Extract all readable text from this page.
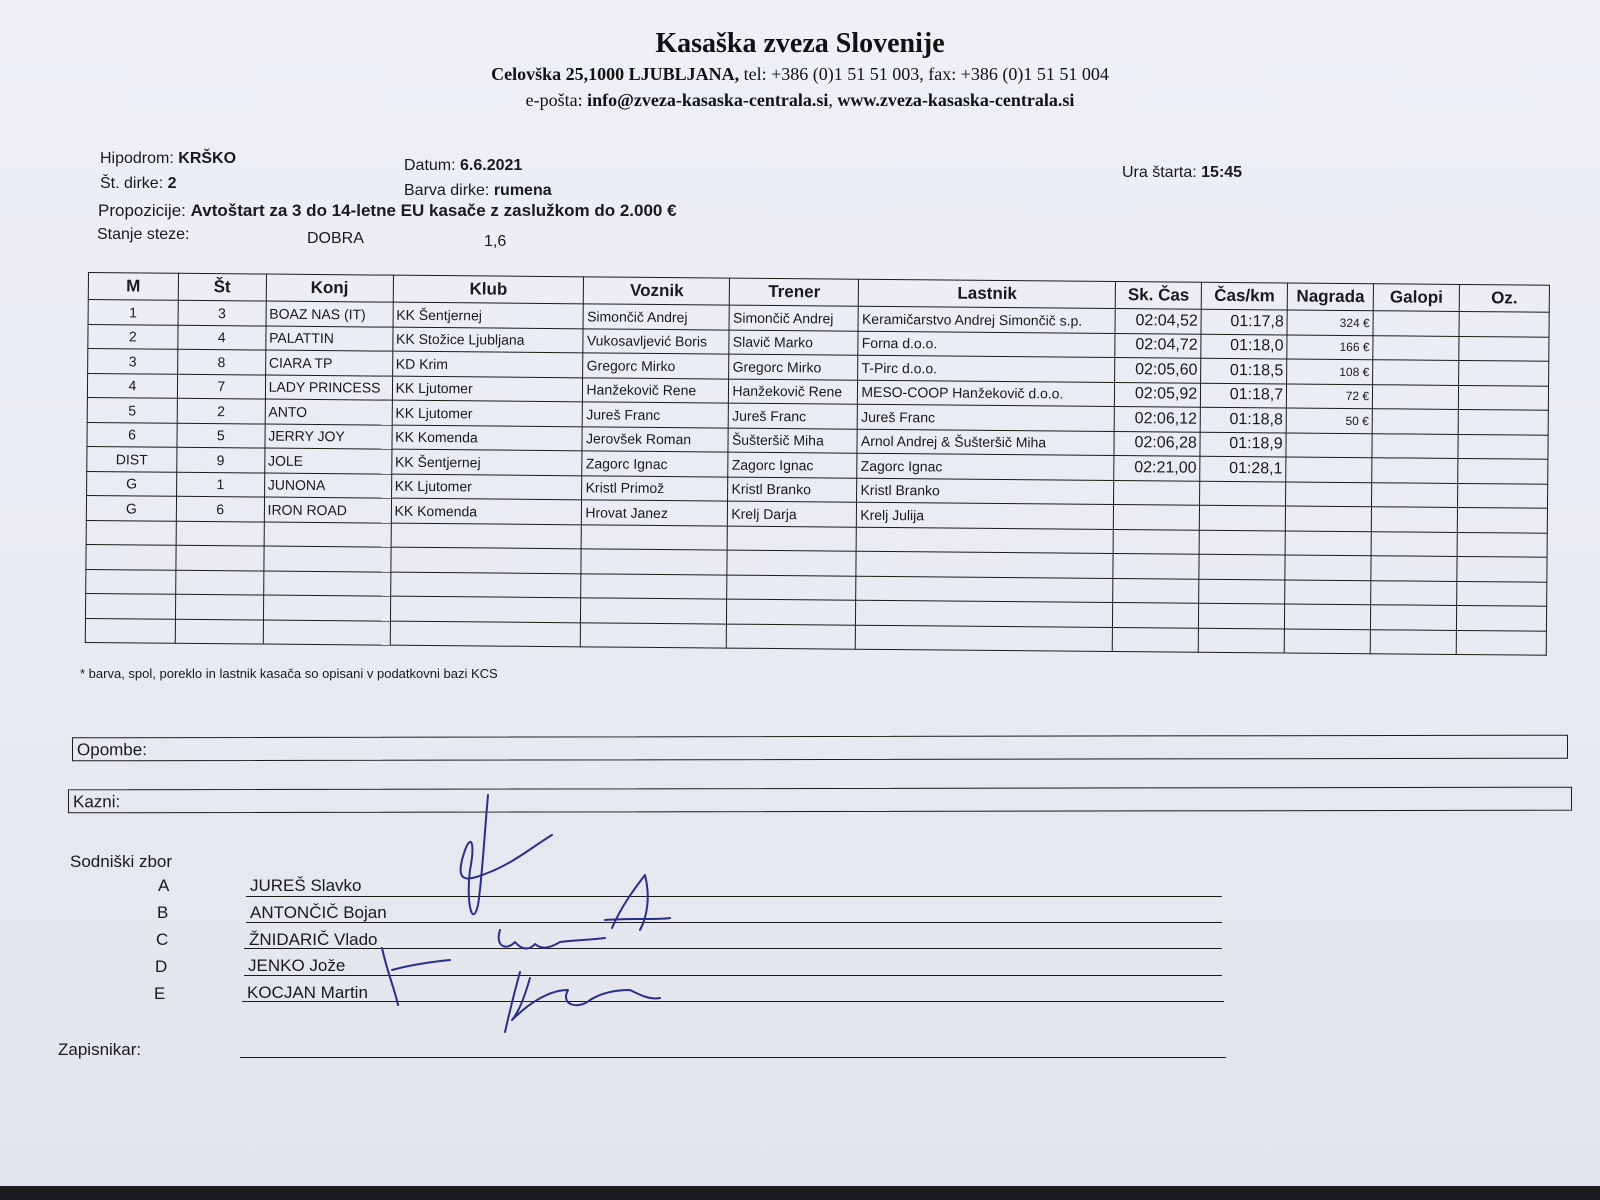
Kasaška zveza Slovenije
Celovška 25,1000 LJUBLJANA, tel: +386 (0)1 51 51 003, fax: +386 (0)1 51 51 004
e-pošta: info@zveza-kasaska-centrala.si, www.zveza-kasaska-centrala.si
Hipodrom: KRŠKO
Št. dirke: 2
Datum: 6.6.2021
Barva dirke: rumena
Ura štarta: 15:45
Propozicije: Avtoštart za 3 do 14-letne EU kasače z zaslužkom do 2.000 €
Stanje steze:	DOBRA	1,6
M	Št	Konj	Klub	Voznik	Trener	Lastnik	Sk. Čas	Čas/km	Nagrada	Galopi	Oz.
1	3	BOAZ NAS (IT)	KK Šentjernej	Simončič Andrej	Simončič Andrej	Keramičarstvo Andrej Simončič s.p.	02:04,52	01:17,8	324 €		
2	4	PALATTIN	KK Stožice Ljubljana	Vukosavljević Boris	Slavič Marko	Forna d.o.o.	02:04,72	01:18,0	166 €		
3	8	CIARA TP	KD Krim	Gregorc Mirko	Gregorc Mirko	T-Pirc d.o.o.	02:05,60	01:18,5	108 €		
4	7	LADY PRINCESS	KK Ljutomer	Hanžekovič Rene	Hanžekovič Rene	MESO-COOP Hanžekovič d.o.o.	02:05,92	01:18,7	72 €		
5	2	ANTO	KK Ljutomer	Jureš Franc	Jureš Franc	Jureš Franc	02:06,12	01:18,8	50 €		
6	5	JERRY JOY	KK Komenda	Jerovšek Roman	Šušteršič Miha	Arnol Andrej & Šušteršič Miha	02:06,28	01:18,9			
DIST	9	JOLE	KK Šentjernej	Zagorc Ignac	Zagorc Ignac	Zagorc Ignac	02:21,00	01:28,1			
G	1	JUNONA	KK Ljutomer	Kristl Primož	Kristl Branko	Kristl Branko					
G	6	IRON ROAD	KK Komenda	Hrovat Janez	Krelj Darja	Krelj Julija					

* barva, spol, poreklo in lastnik kasača so opisani v podatkovni bazi KCS
Opombe:
Kazni:
Sodniški zbor
A	JUREŠ Slavko
B	ANTONČIČ Bojan
C	ŽNIDARIČ Vlado
D	JENKO Jože
E	KOCJAN Martin
Zapisnikar:
